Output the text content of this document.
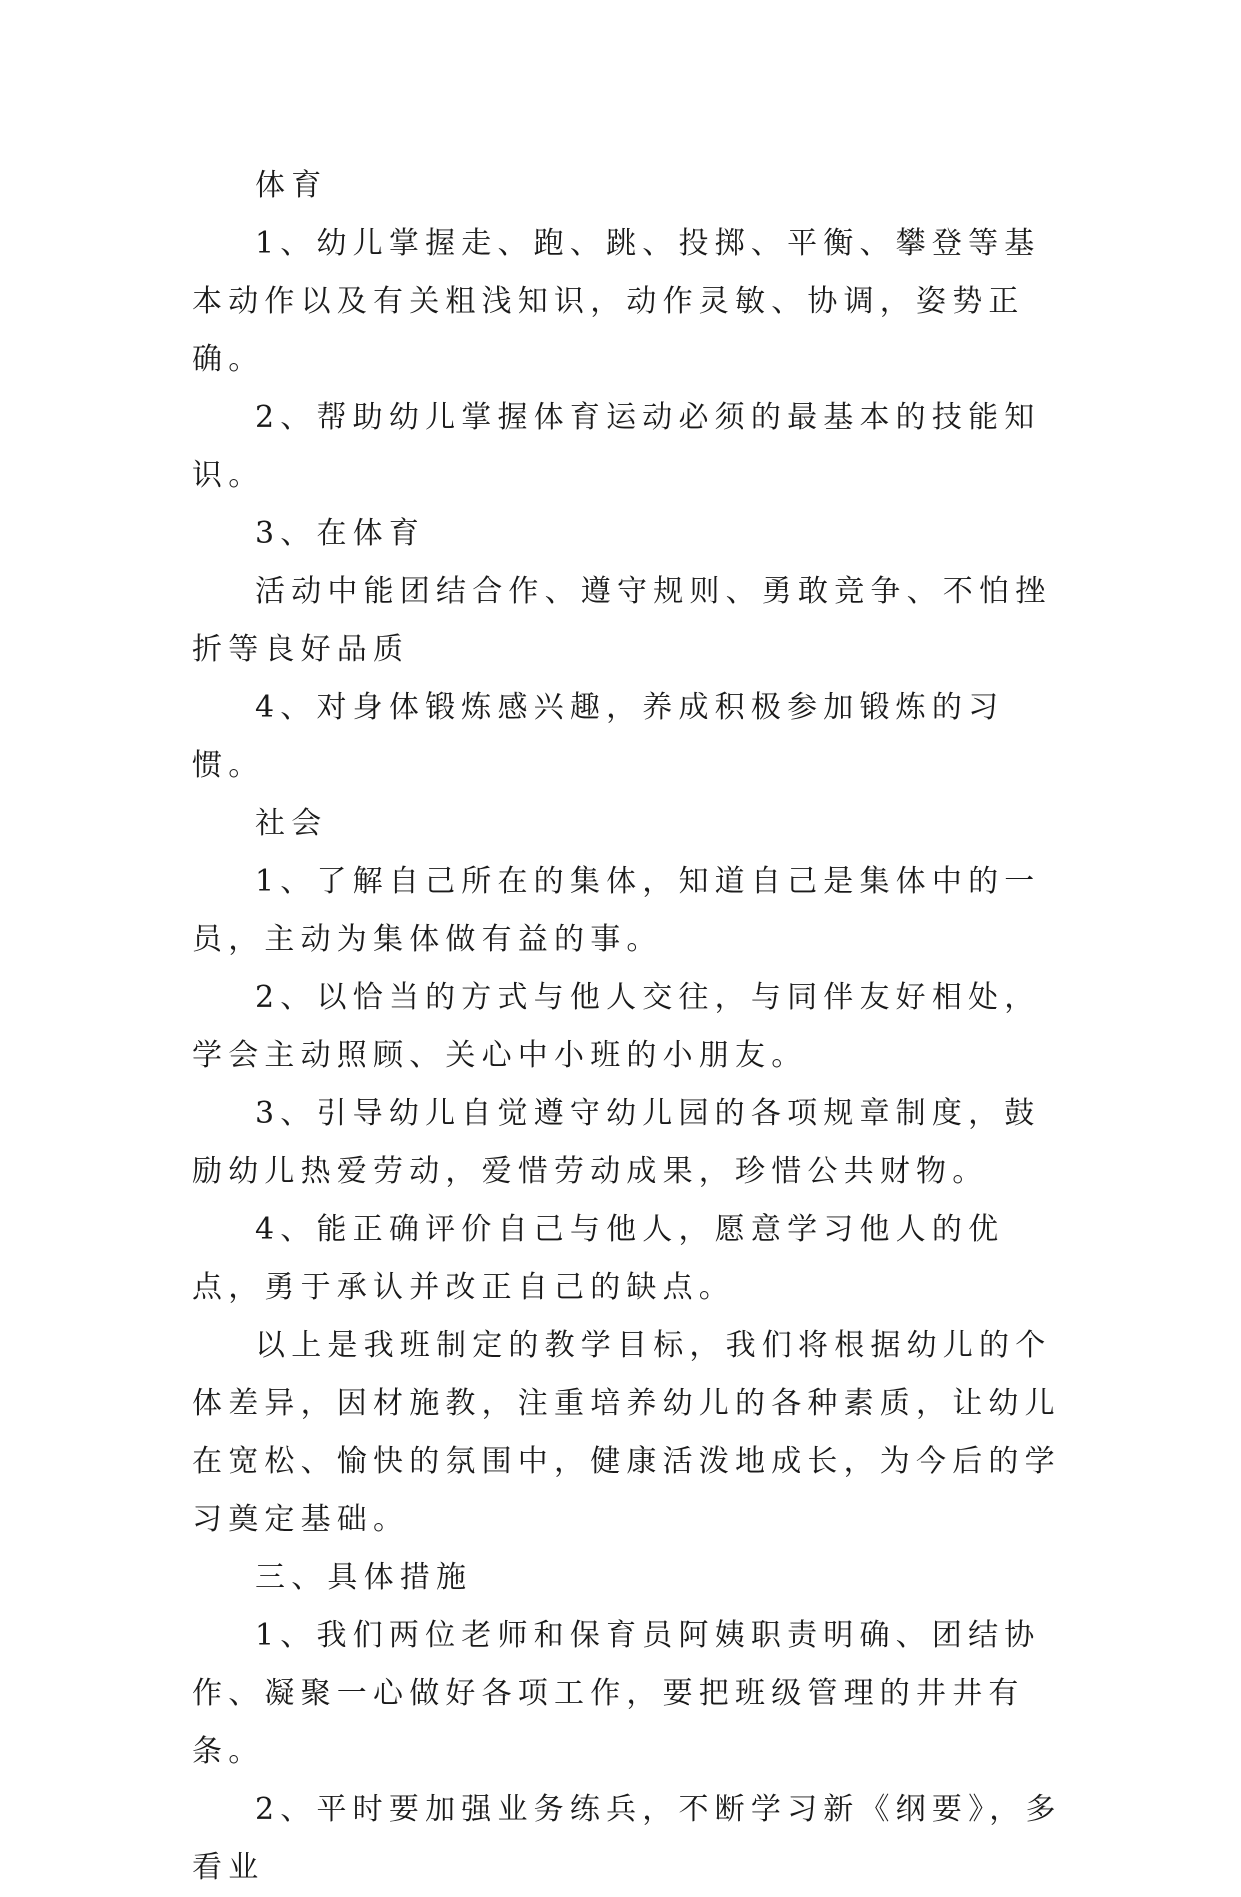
体育

1、幼儿掌握走、跑、跳、投掷、平衡、攀登等基本动作以及有关粗浅知识，动作灵敏、协调，姿势正确。

2、帮助幼儿掌握体育运动必须的最基本的技能知识。

3、在体育

活动中能团结合作、遵守规则、勇敢竞争、不怕挫折等良好品质

4、对身体锻炼感兴趣，养成积极参加锻炼的习惯。

社会

1、了解自己所在的集体，知道自己是集体中的一员，主动为集体做有益的事。

2、以恰当的方式与他人交往，与同伴友好相处，学会主动照顾、关心中小班的小朋友。

3、引导幼儿自觉遵守幼儿园的各项规章制度，鼓励幼儿热爱劳动，爱惜劳动成果，珍惜公共财物。

4、能正确评价自己与他人，愿意学习他人的优点，勇于承认并改正自己的缺点。

以上是我班制定的教学目标，我们将根据幼儿的个体差异，因材施教，注重培养幼儿的各种素质，让幼儿在宽松、愉快的氛围中，健康活泼地成长，为今后的学习奠定基础。

三、具体措施

1、我们两位老师和保育员阿姨职责明确、团结协作、凝聚一心做好各项工作，要把班级管理的井井有条。

2、平时要加强业务练兵，不断学习新《纲要》，多看业
